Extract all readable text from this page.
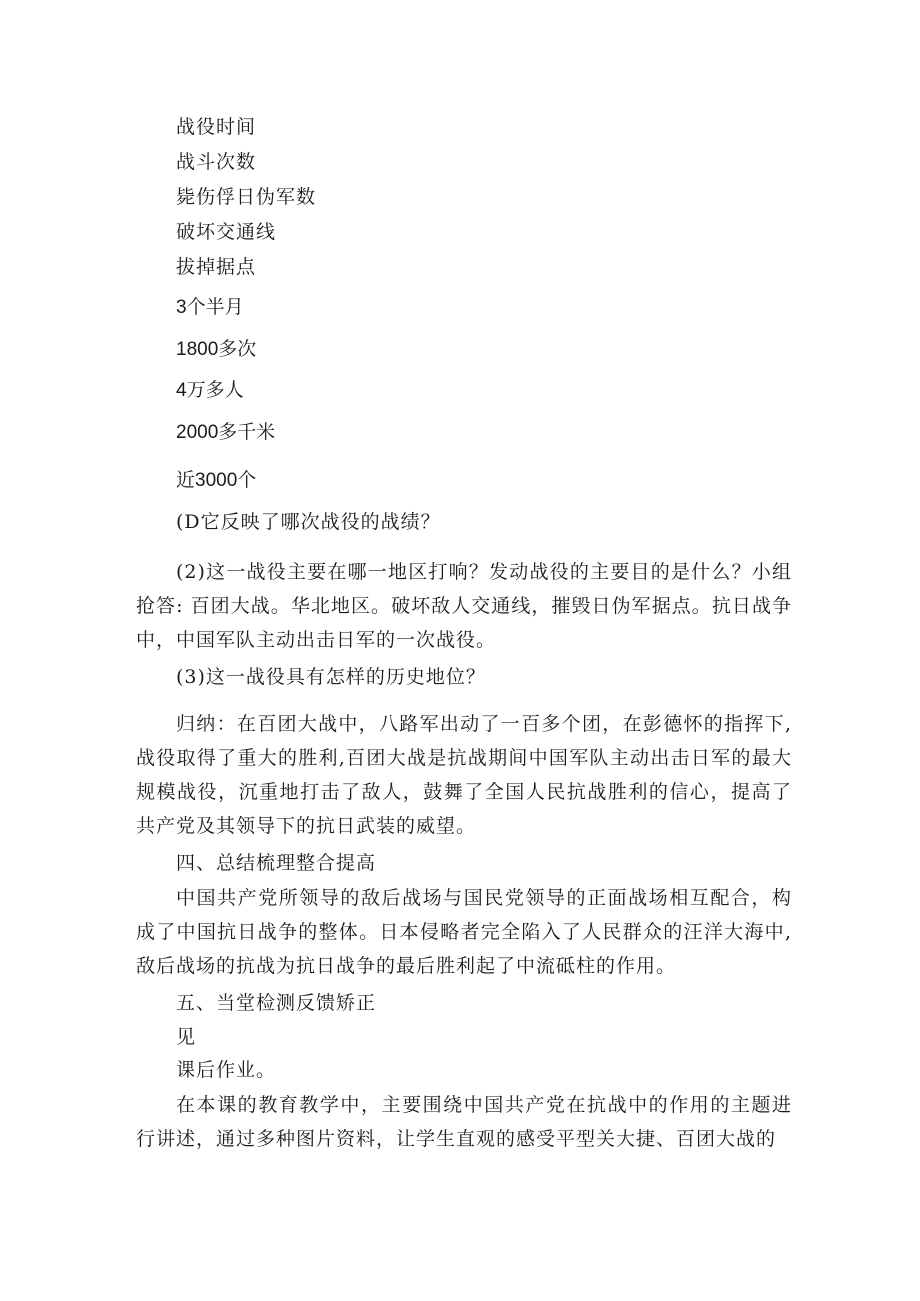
战役时间
战斗次数
毙伤俘日伪军数
破坏交通线
拔掉据点
3个半月
1800多次
4万多人
2000多千米
近3000个
(D它反映了哪次战役的战绩？
(2)这一战役主要在哪一地区打响？发动战役的主要目的是什么？小组抢答: 百团大战。华北地区。破坏敌人交通线，摧毁日伪军据点。抗日战争中，中国军队主动出击日军的一次战役。
(3)这一战役具有怎样的历史地位？
归纳：在百团大战中，八路军出动了一百多个团，在彭德怀的指挥下,战役取得了重大的胜利,百团大战是抗战期间中国军队主动出击日军的最大规模战役，沉重地打击了敌人，鼓舞了全国人民抗战胜利的信心，提高了共产党及其领导下的抗日武装的威望。
四、总结梳理整合提高
中国共产党所领导的敌后战场与国民党领导的正面战场相互配合，构成了中国抗日战争的整体。日本侵略者完全陷入了人民群众的汪洋大海中,敌后战场的抗战为抗日战争的最后胜利起了中流砥柱的作用。
五、当堂检测反馈矫正
见
课后作业。
在本课的教育教学中，主要围绕中国共产党在抗战中的作用的主题进行讲述，通过多种图片资料，让学生直观的感受平型关大捷、百团大战的
